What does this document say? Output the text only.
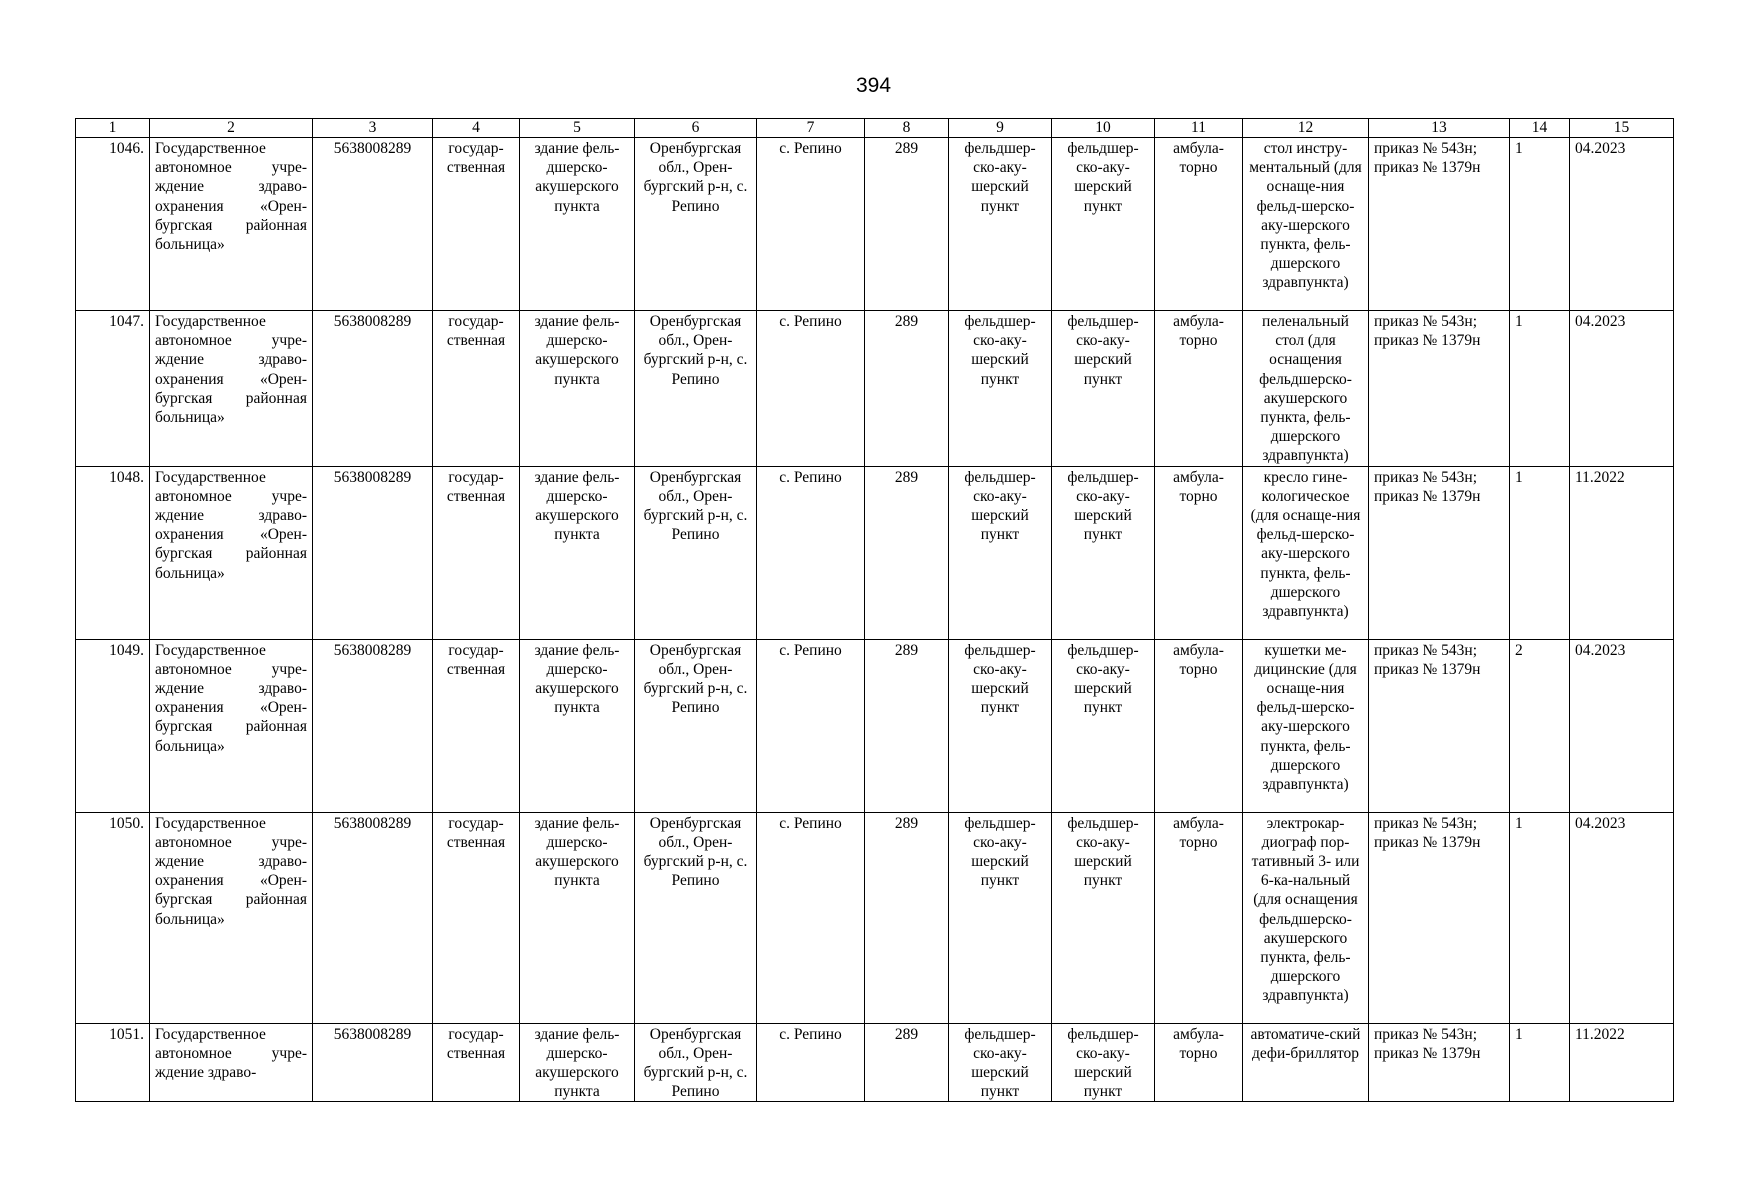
394
1	2	3	4	5	6	7	8	9	10	11	12	13	14	15
1046.	Государственное автономное учре-ждение здраво-охранения «Орен-бургская районная больница»	5638008289	государ-ственная	здание фель-дшерско-акушерского пункта	Оренбургская обл., Орен-бургский р-н, с. Репино	с. Репино	289	фельдшер-ско-аку-шерский пункт	фельдшер-ско-аку-шерский пункт	амбула-торно	стол инстру-ментальный (для оснаще-ния фельд-шерско-аку-шерского пункта, фель-дшерского здравпункта)	приказ № 543н; приказ № 1379н	1	04.2023
1047.	Государственное автономное учре-ждение здраво-охранения «Орен-бургская районная больница»	5638008289	государ-ственная	здание фель-дшерско-акушерского пункта	Оренбургская обл., Орен-бургский р-н, с. Репино	с. Репино	289	фельдшер-ско-аку-шерский пункт	фельдшер-ско-аку-шерский пункт	амбула-торно	пеленальный стол (для оснащения фельдшерско-акушерского пункта, фель-дшерского здравпункта)	приказ № 543н; приказ № 1379н	1	04.2023
1048.	Государственное автономное учре-ждение здраво-охранения «Орен-бургская районная больница»	5638008289	государ-ственная	здание фель-дшерско-акушерского пункта	Оренбургская обл., Орен-бургский р-н, с. Репино	с. Репино	289	фельдшер-ско-аку-шерский пункт	фельдшер-ско-аку-шерский пункт	амбула-торно	кресло гине-кологическое (для оснаще-ния фельд-шерско-аку-шерского пункта, фель-дшерского здравпункта)	приказ № 543н; приказ № 1379н	1	11.2022
1049.	Государственное автономное учре-ждение здраво-охранения «Орен-бургская районная больница»	5638008289	государ-ственная	здание фель-дшерско-акушерского пункта	Оренбургская обл., Орен-бургский р-н, с. Репино	с. Репино	289	фельдшер-ско-аку-шерский пункт	фельдшер-ско-аку-шерский пункт	амбула-торно	кушетки ме-дицинские (для оснаще-ния фельд-шерско-аку-шерского пункта, фель-дшерского здравпункта)	приказ № 543н; приказ № 1379н	2	04.2023
1050.	Государственное автономное учре-ждение здраво-охранения «Орен-бургская районная больница»	5638008289	государ-ственная	здание фель-дшерско-акушерского пункта	Оренбургская обл., Орен-бургский р-н, с. Репино	с. Репино	289	фельдшер-ско-аку-шерский пункт	фельдшер-ско-аку-шерский пункт	амбула-торно	электрокар-диограф пор-тативный 3- или 6-ка-нальный (для оснащения фельдшерско-акушерского пункта, фель-дшерского здравпункта)	приказ № 543н; приказ № 1379н	1	04.2023
1051.	Государственное автономное учре-ждение здраво-	5638008289	государ-ственная	здание фель-дшерско-акушерского пункта	Оренбургская обл., Орен-бургский р-н, с. Репино	с. Репино	289	фельдшер-ско-аку-шерский пункт	фельдшер-ско-аку-шерский пункт	амбула-торно	автоматиче-ский дефи-бриллятор	приказ № 543н; приказ № 1379н	1	11.2022
